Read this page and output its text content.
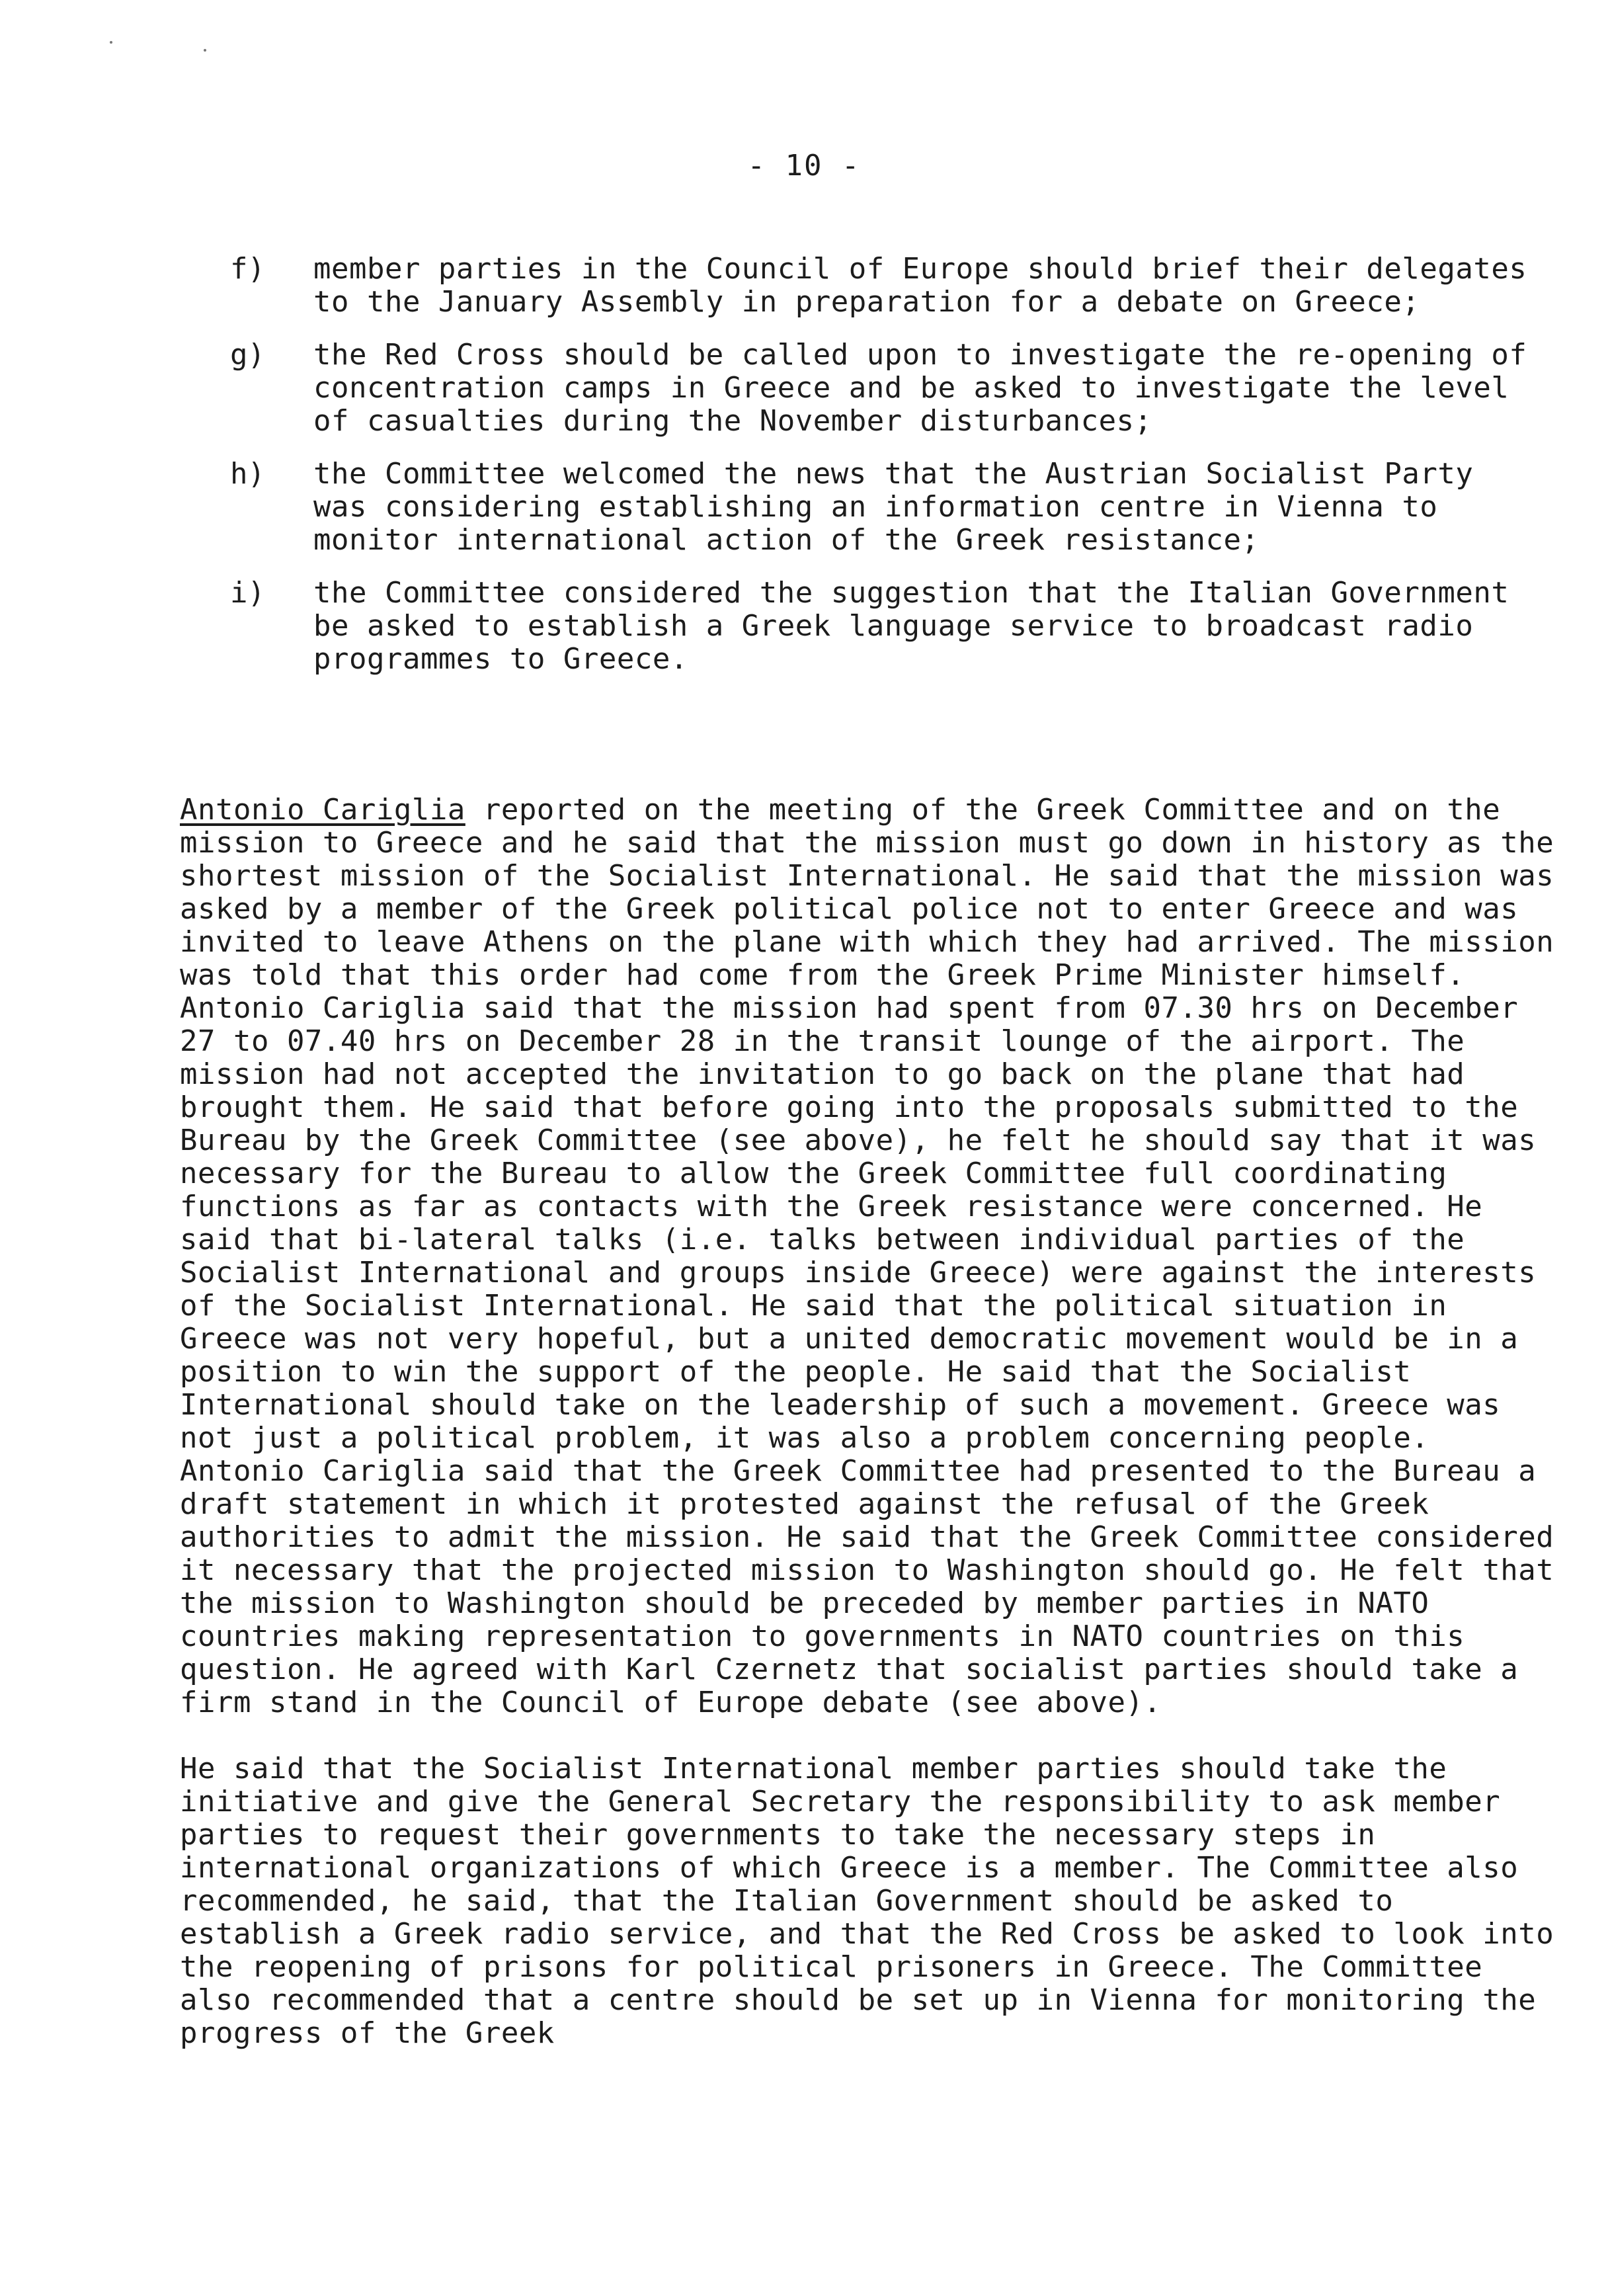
- 10 -
f) member parties in the Council of Europe should brief their delegates to the January Assembly in preparation for a debate on Greece;
g) the Red Cross should be called upon to investigate the re-opening of concentration camps in Greece and be asked to investigate the level of casualties during the November disturbances;
h) the Committee welcomed the news that the Austrian Socialist Party was considering establishing an information centre in Vienna to monitor international action of the Greek resistance;
i) the Committee considered the suggestion that the Italian Government be asked to establish a Greek language service to broadcast radio programmes to Greece.

Antonio Cariglia reported on the meeting of the Greek Committee and on the mission to Greece and he said that the mission must go down in history as the shortest mission of the Socialist International. He said that the mission was asked by a member of the Greek political police not to enter Greece and was invited to leave Athens on the plane with which they had arrived. The mission was told that this order had come from the Greek Prime Minister himself. Antonio Cariglia said that the mission had spent from 07.30 hrs on December 27 to 07.40 hrs on December 28 in the transit lounge of the airport. The mission had not accepted the invitation to go back on the plane that had brought them. He said that before going into the proposals submitted to the Bureau by the Greek Committee (see above), he felt he should say that it was necessary for the Bureau to allow the Greek Committee full coordinating functions as far as contacts with the Greek resistance were concerned. He said that bi-lateral talks (i.e. talks between individual parties of the Socialist International and groups inside Greece) were against the interests of the Socialist International. He said that the political situation in Greece was not very hopeful, but a united democratic movement would be in a position to win the support of the people. He said that the Socialist International should take on the leadership of such a movement. Greece was not just a political problem, it was also a problem concerning people. Antonio Cariglia said that the Greek Committee had presented to the Bureau a draft statement in which it protested against the refusal of the Greek authorities to admit the mission. He said that the Greek Committee considered it necessary that the projected mission to Washington should go. He felt that the mission to Washington should be preceded by member parties in NATO countries making representation to governments in NATO countries on this question. He agreed with Karl Czernetz that socialist parties should take a firm stand in the Council of Europe debate (see above).

He said that the Socialist International member parties should take the initiative and give the General Secretary the responsibility to ask member parties to request their governments to take the necessary steps in international organizations of which Greece is a member. The Committee also recommended, he said, that the Italian Government should be asked to establish a Greek radio service, and that the Red Cross be asked to look into the reopening of prisons for political prisoners in Greece. The Committee also recommended that a centre should be set up in Vienna for monitoring the progress of the Greek
